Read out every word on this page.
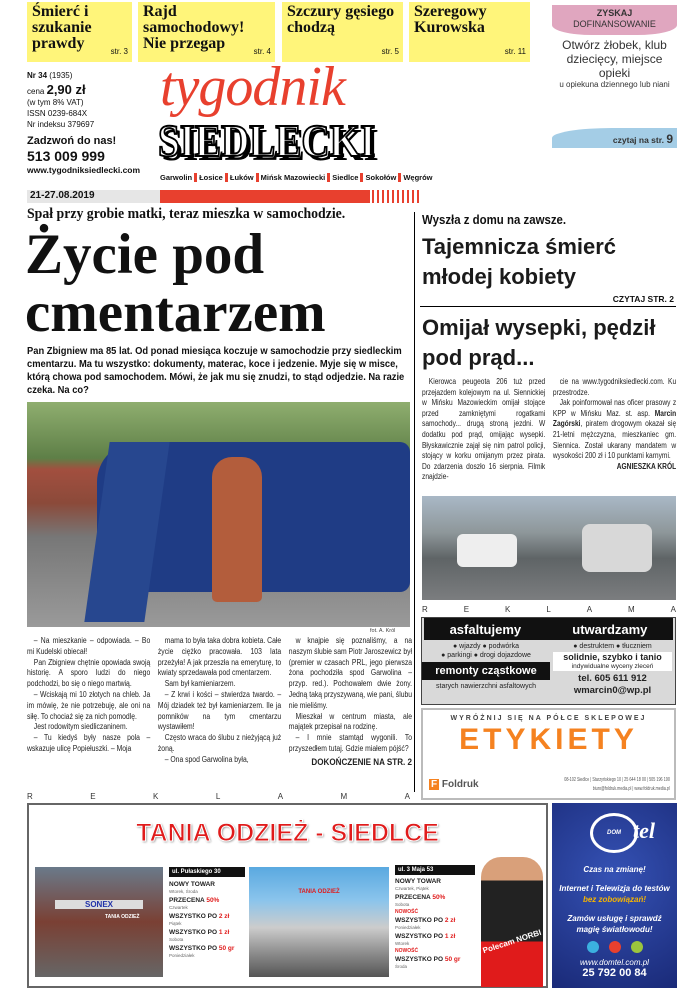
Śmierć i szukanie prawdy	str. 3
Rajd samochodowy! Nie przegap	str. 4
Szczury gęsiego chodzą
str. 5
Szeregowy Kurowska
str. 11
ZYSKAJ
DOFINANSOWANIE
Otwórz żłobek, klub dziecięcy, miejsce opieki
u opiekuna dziennego lub niani
czytaj na str. 9
Nr 34 (1935)
cena 2,90 zł
(w tym 8% VAT)
ISSN 0239-684X
Nr indeksu 379697
Zadzwoń do nas!
513 009 999
www.tygodniksiedlecki.com
tygodnik
SIEDLECKI
Garwolin Łosice Łuków Mińsk Mazowiecki Siedlce Sokołów Węgrów
21-27.08.2019
Spał przy grobie matki, teraz mieszka w samochodzie.
Życie pod cmentarzem
Pan Zbigniew ma 85 lat. Od ponad miesiąca koczuje w samochodzie przy siedleckim cmentarzu. Ma tu wszystko: dokumenty, materac, koce i jedzenie. Myje się w misce, którą chowa pod samochodem. Mówi, że jak mu się znudzi, to stąd odjedzie. Na razie czeka. Na co?
fot. A. Król

– Na mieszkanie – odpowiada. – Bo mi Kudelski obiecał!

Pan Zbigniew chętnie opowiada swoją historię. A sporo ludzi do niego podchodzi, bo się o niego martwią.

– Wciskają mi 10 złotych na chleb. Ja im mówię, że nie potrzebuję, ale oni na siłę. To chociaż się za nich pomodlę.

Jest rodowitym siedliczaninem.

– Tu kiedyś były nasze pola – wskazuje ulicę Popiełuszki. – Moja

mama to była taka dobra kobieta. Całe życie ciężko pracowała. 103 lata przeżyła! A jak przeszła na emeryturę, to kwiaty sprzedawała pod cmentarzem.

Sam był kamieniarzem.

– Z krwi i kości – stwierdza twardo. – Mój dziadek też był kamieniarzem. Ile ja pomników na tym cmentarzu wystawiłem!

Często wraca do ślubu z nieżyjącą już żoną.

– Ona spod Garwolina była,

w knajpie się poznaliśmy, a na naszym ślubie sam Piotr Jaroszewicz był (premier w czasach PRL, jego pierwsza żona pochodziła spod Garwolina – przyp. red.). Pochowałem dwie żony. Jedną taką przyszywaną, wie pani, ślubu nie mieliśmy.

Mieszkał w centrum miasta, ale majątek przepisał na rodzinę.

– I mnie stamtąd wygonili. To przyszedłem tutaj. Gdzie miałem pójść?

DOKOŃCZENIE NA STR. 2
R	E	K	L	A	M	A
Wyszła z domu na zawsze.
Tajemnicza śmierć młodej kobiety
CZYTAJ STR. 2
Omijał wysepki, pędził pod prąd...

Kierowca peugeota 206 tuż przed przejazdem kolejowym na ul. Siennickiej w Mińsku Mazowieckim omijał stojące przed zamkniętymi rogatkami samochody... drugą stroną jezdni. W dodatku pod prąd, omijając wysepki. Błyskawicznie zajął się nim patrol policji, stojący w korku omijanym przez pirata. Do zdarzenia doszło 16 sierpnia. Filmik znajdzie-

cie na www.tygodniksiedlecki.com. Ku przestrodze.

Jak poinformował nas oficer prasowy z KPP w Mińsku Maz. st. asp. Marcin Zagórski, piratem drogowym okazał się 21-letni mężczyzna, mieszkaniec gm. Siennica. Został ukarany mandatem w wysokości 200 zł i 10 punktami karnymi.

AGNIESZKA KRÓL
R	E	K	L	A	M	A
asfaltujemy	utwardzamy
● wjazdy ● podwórka
● parkingi ● drogi dojazdowe
remonty cząstkowe
starych nawierzchni asfaltowych
● destruktem ● tłuczniem
solidnie, szybko i tanio
indywidualne wyceny zleceń
tel. 605 611 912
wmarcin0@wp.pl
WYRÓŻNIJ SIĘ NA PÓŁCE SKLEPOWEJ
ETYKIETY
F Foldruk	08-102 Siedlce | Starzyńskiego 10 | 25 644 18 00 | 505 196 190
biuro@foldruk.media.pl | www.foldruk.media.pl
TANIA ODZIEŻ - SIEDLCE
SONEX
TANIA ODZIEŻ
ul. Pułaskiego 30
NOWY TOWAR
Wtorek, Środa
PRZECENA 50%
Czwartek
WSZYSTKO PO 2 zł
Piątek
WSZYSTKO PO 1 zł
Sobota
WSZYSTKO PO 50 gr
Poniedziałek
TANIA ODZIEŻ
ul. 3 Maja 53
NOWY TOWAR
Czwartek, Piątek
PRZECENA 50%
Sobota
NOWOŚĆ
WSZYSTKO PO 2 zł
Poniedziałek
WSZYSTKO PO 1 zł
Wtorek
NOWOŚĆ
WSZYSTKO PO 50 gr
Środa
Polecam NORBI
DOM tel
Czas na zmianę!
Internet i Telewizja do testów bez zobowiązań!
Zamów usługę i sprawdź magię światłowodu!
www.domtel.com.pl
25 792 00 84
